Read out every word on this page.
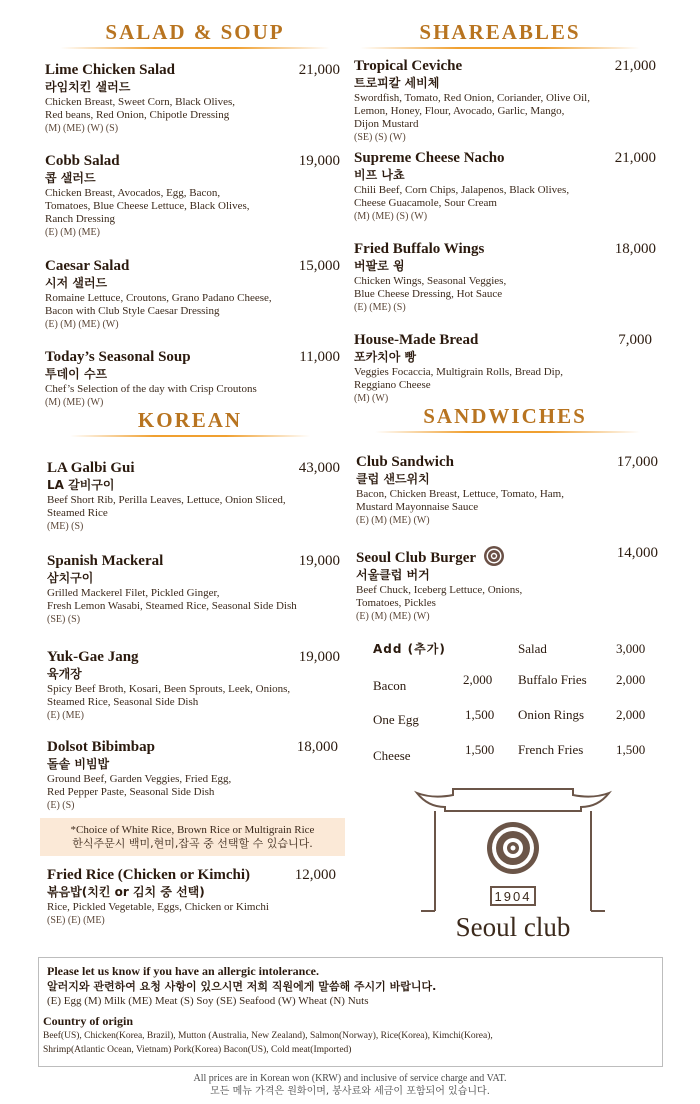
SALAD & SOUP	SHAREABLES
KOREAN	SANDWICHES
Lime Chicken Salad
라임치킨 샐러드
Chicken Breast, Sweet Corn, Black Olives,
Red beans, Red Onion, Chipotle Dressing
(M) (ME) (W) (S)
21,000
Cobb Salad
콥 샐러드
Chicken Breast, Avocados, Egg, Bacon,
Tomatoes, Blue Cheese Lettuce, Black Olives,
Ranch Dressing
(E) (M) (ME)
19,000
Caesar Salad
시저 샐러드
Romaine Lettuce, Croutons, Grano Padano Cheese,
Bacon with Club Style Caesar Dressing
(E) (M) (ME) (W)
15,000
Today’s Seasonal Soup
투데이 수프
Chef’s Selection of the day with Crisp Croutons
(M) (ME) (W)
11,000
Tropical Ceviche
트로피칼 세비체
Swordfish, Tomato, Red Onion, Coriander, Olive Oil,
Lemon, Honey, Flour, Avocado, Garlic, Mango,
Dijon Mustard
(SE) (S) (W)
21,000
Supreme Cheese Nacho
비프 나쵸
Chili Beef, Corn Chips, Jalapenos, Black Olives,
Cheese Guacamole, Sour Cream
(M) (ME) (S) (W)
21,000
Fried Buffalo Wings
버팔로 윙
Chicken Wings, Seasonal Veggies,
Blue Cheese Dressing, Hot Sauce
(E) (ME) (S)
18,000
House-Made Bread
포카치아 빵
Veggies Focaccia, Multigrain Rolls, Bread Dip,
Reggiano Cheese
(M) (W)
7,000
LA Galbi Gui
LA 갈비구이
Beef Short Rib, Perilla Leaves, Lettuce, Onion Sliced,
Steamed Rice
(ME) (S)
43,000
Spanish Mackeral
삼치구이
Grilled Mackerel Filet, Pickled Ginger,
Fresh Lemon Wasabi, Steamed Rice, Seasonal Side Dish
(SE) (S)
19,000
Yuk-Gae Jang
육개장
Spicy Beef Broth, Kosari, Been Sprouts, Leek, Onions,
Steamed Rice, Seasonal Side Dish
(E) (ME)
19,000
Dolsot Bibimbap
돌솥 비빔밥
Ground Beef, Garden Veggies, Fried Egg,
Red Pepper Paste, Seasonal Side Dish
(E) (S)
18,000
*Choice of White Rice, Brown Rice or Multigrain Rice
한식주문시 백미,현미,잡곡 중 선택할 수 있습니다.
Fried Rice (Chicken or Kimchi)
볶음밥(치킨 or 김치 중 선택)
Rice, Pickled Vegetable, Eggs, Chicken or Kimchi
(SE) (E) (ME)
12,000
Club Sandwich
클럽 샌드위치
Bacon, Chicken Breast, Lettuce, Tomato, Ham,
Mustard Mayonnaise Sauce
(E) (M) (ME) (W)
17,000
Seoul Club Burger
서울클럽 버거
Beef Chuck, Iceberg Lettuce, Onions,
Tomatoes, Pickles
(E) (M) (ME) (W)
14,000
Add (추가)
Bacon	2,000
One Egg	1,500
Cheese	1,500
Salad	3,000
Buffalo Fries 2,000
Onion Rings 2,000
French Fries	1,500
1904
Seoul club
Please let us know if you have an allergic intolerance.
알러지와 관련하여 요청 사항이 있으시면 저희 직원에게 말씀해 주시기 바랍니다.
(E) Egg (M) Milk (ME) Meat (S) Soy (SE) Seafood (W) Wheat (N) Nuts
Country of origin
Beef(US), Chicken(Korea, Brazil), Mutton (Australia, New Zealand), Salmon(Norway), Rice(Korea), Kimchi(Korea),
Shrimp(Atlantic Ocean, Vietnam) Pork(Korea) Bacon(US), Cold meat(Imported)
All prices are in Korean won (KRW) and inclusive of service charge and VAT.
모든 메뉴 가격은 원화이며, 봉사료와 세금이 포함되어 있습니다.
